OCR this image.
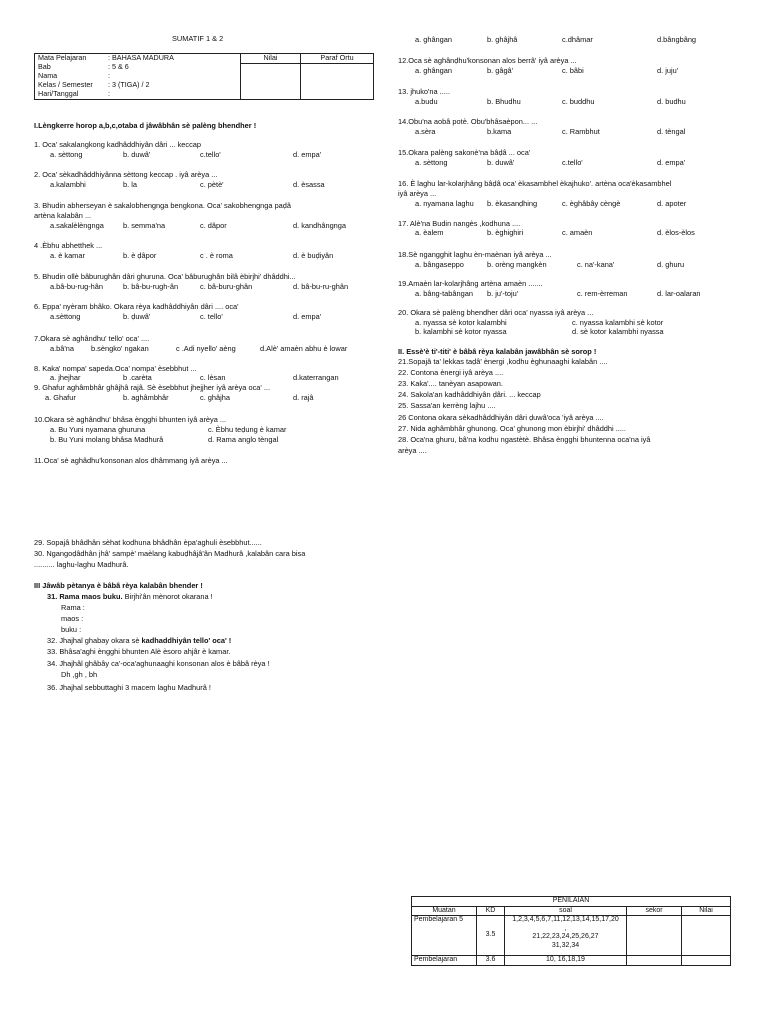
SUMATIF 1 & 2
Mata Pelajaran : BAHASA MADURA	Nilai	Paraf Ortu
Bab : 5 & 6		
Nama :		
Kelas / Semester : 3 (TIGA) / 2		
Hari/Tanggal :		
I.Lèngkerre horop a,b,c,otaba d jâwâbhân sè palèng bhendher !
1. Oca' sakalangkong kadhâddhiyân dâri ... keccap
a. sèttong	b. duwâ'	c.tello'	d. empa'
2. Oca' sèkadhâddhiyânna sèttong keccap . iyâ arèya ...
a.kalambhi	b. la	c. pètè'	d. èsassa
3. Bhudin abherseyan è sakalobhengnga bengkona. Oca' sakobhengnga paḍâ
artèna kalabân ...
a.sakalèlèngnga	b. semma'na	c. dâpor	d. kandhângnga
4 .Èbhu abhetthek ...
a. è kamar	b. è ḍâpor	c . è roma	d. è buḍiyân
5. Bhudin ollè bâburughân dâri ghuruna. Oca' bâburughân bilâ èbirjhi' dhâddhi...
a.bâ-bu-rug-hân	b. bâ-bu-rugh-ân	c. bâ-buru-ghân	d. bâ-bu-ru-ghân
6. Eppa' nyèram bhâko. Okara rèya kadhâddhiyân dâri .... oca'
a.sèttong	b. ḍuwâ'	c. tello'	d. empa'
7.Okara sè aghândhu' tello' oca' ....
a.bâ'na b.sèngko' ngakan	c .Adi nyello' aèng	d.Alè' amaèn abhu è lowar
8. Kaka' nompa' sapeda.Oca' nompa' èsebbhut ...
a. jhejhar	b .carèta	c. lèsan	d.katerrangan
9. Ghafur aghâmbhâr ghâjhâ rajâ. Sè èsebbhut jhejjher iyâ arèya oca' ...
a. Ghafur	b. aghâmbhâr	c. ghâjha	d. rajâ
10.Okara sè aghândhu' bhâsa èngghi bhunten iyâ arèya ...
a. Bu Yuni nyamana ghuruna	c. Èbhu teḍung è kamar
b. Bu Yuni molang bhâsa Madhurâ	d. Rama anglo tèngal
11.Oca' sè aghâdhu'konsonan alos dhâmmang iyâ arèya ...
a. ghângan	b. ghâjhâ	c.dhâmar	d.bângbâng
12.Oca sè aghânḍhu'konsonan alos berrâ' iyâ arèya ...
a. ghângan	b. gâgâ'	c. bâbi	d. juju'
13. jhuko'na .....
a.budu	b. Bhudhu	c. buddhu	d. budhu
14.Obu'na aobâ potè. Obu'bhâsaèpon... ...
a.sèra	b.kama	c. Rambhut	d. tèngal
15.Okara palèng sakonè'na bâḍâ ... oca'
a. sèttong	b. duwâ'	c.tello'	d. empa'
16. È laghu lar-kolarjhâng bâḍâ oca' èkasambhel èkajhuko'. artèna oca'èkasambhel
iyâ arèya ...
a. nyamana laghu b. èkasanḍhing	c. èghâbây cèngè	d. apoter
17. Alè'na Budin nangès ,kodhuna ....
a. èalem	b. èghighiri	c. amaèn	d. èlos-èlos
18.Sè ngangghit laghu èn-maènan iyâ arèya ...
a. bângaseppo	b. orèng mangkèn	c. na'-kana'	d. ghuru
19.Amaèn lar-kolarjhâng artèna amaèn .......
a. bâng-tabângan b. ju'-toju'	c. rem-èrreman	d. lar-oalaran
20. Okara sè palèng bhendher dâri oca' nyassa iyâ arèya ...
a. nyassa sè kotor kalambhi	c. nyassa kalambhi sè kotor
b. kalambhi sè kotor nyassa	d. sè kotor kalambhi nyassa
II. Essè'è ti'-titi' è bâbâ rèya kalabân jawâbhân sè sorop !
21.Sopajâ ta' lekkas taḍâ' ènergi ,kodhu èghunaaghi kalabân ....
22. Contona ènergi iyâ arèya ....
23. Kaka'.... tanèyan asapowan.
24. Sakola'an kadhâddhiyân ḍâri. ... keccap
25. Sassa'an kerrèng lajhu ....
26 Contona okara sèkadhâddhiyân dâri ḍuwâ'oca 'iyâ arèya ....
27. Nida aghâmbhâr ghunong. Oca' ghunong mon èbirjhi' dhâddhi .....
28. Oca'na ghuru, bâ'na kodhu ngastètè. Bhâsa èngghi bhuntenna oca'na iyâ
arèya ....
29. Sopajâ bhâdhân sèhat kodhuna bhâdhân èpa'aghuli èsebbhut......
30. Ngangoḍâdhân jhâ' sampè' maèlang kabuḍhâjâ'ân Madhurâ ,kalabân cara bisa
.......... laghu-laghu Madhurâ.
III Jâwâb pètanya è bâbâ rèya kalabân bhender !
31. Rama maos buku. Birjhi'ân mènorot okarana !
Rama :
maos :
buku :
32. Jhajhal ghabay okara sè kadhaddhiyân tello' oca' !
33. Bhâsa'aghi èngghi bhunten Alè èsoro ahjâr è kamar.
34. Jhajhâl ghâbây ca'-oca'aghunaaghi konsonan alos è bâbâ rèya !
Dh ,gh , bh
36. Jhajhal sebbuttaghi 3 macem laghu Madhurâ !
PENILAIAN				
Muatan	KD	soal	sekor	Nilai
Pembelajaran 5	3.5	1,2,3,4,5,6,7,11,12,13,14,15,17,20
,
21,22,23,24,25,26,27
31,32,34		

Pembelajaran	3.6	10, 16,18,19		
